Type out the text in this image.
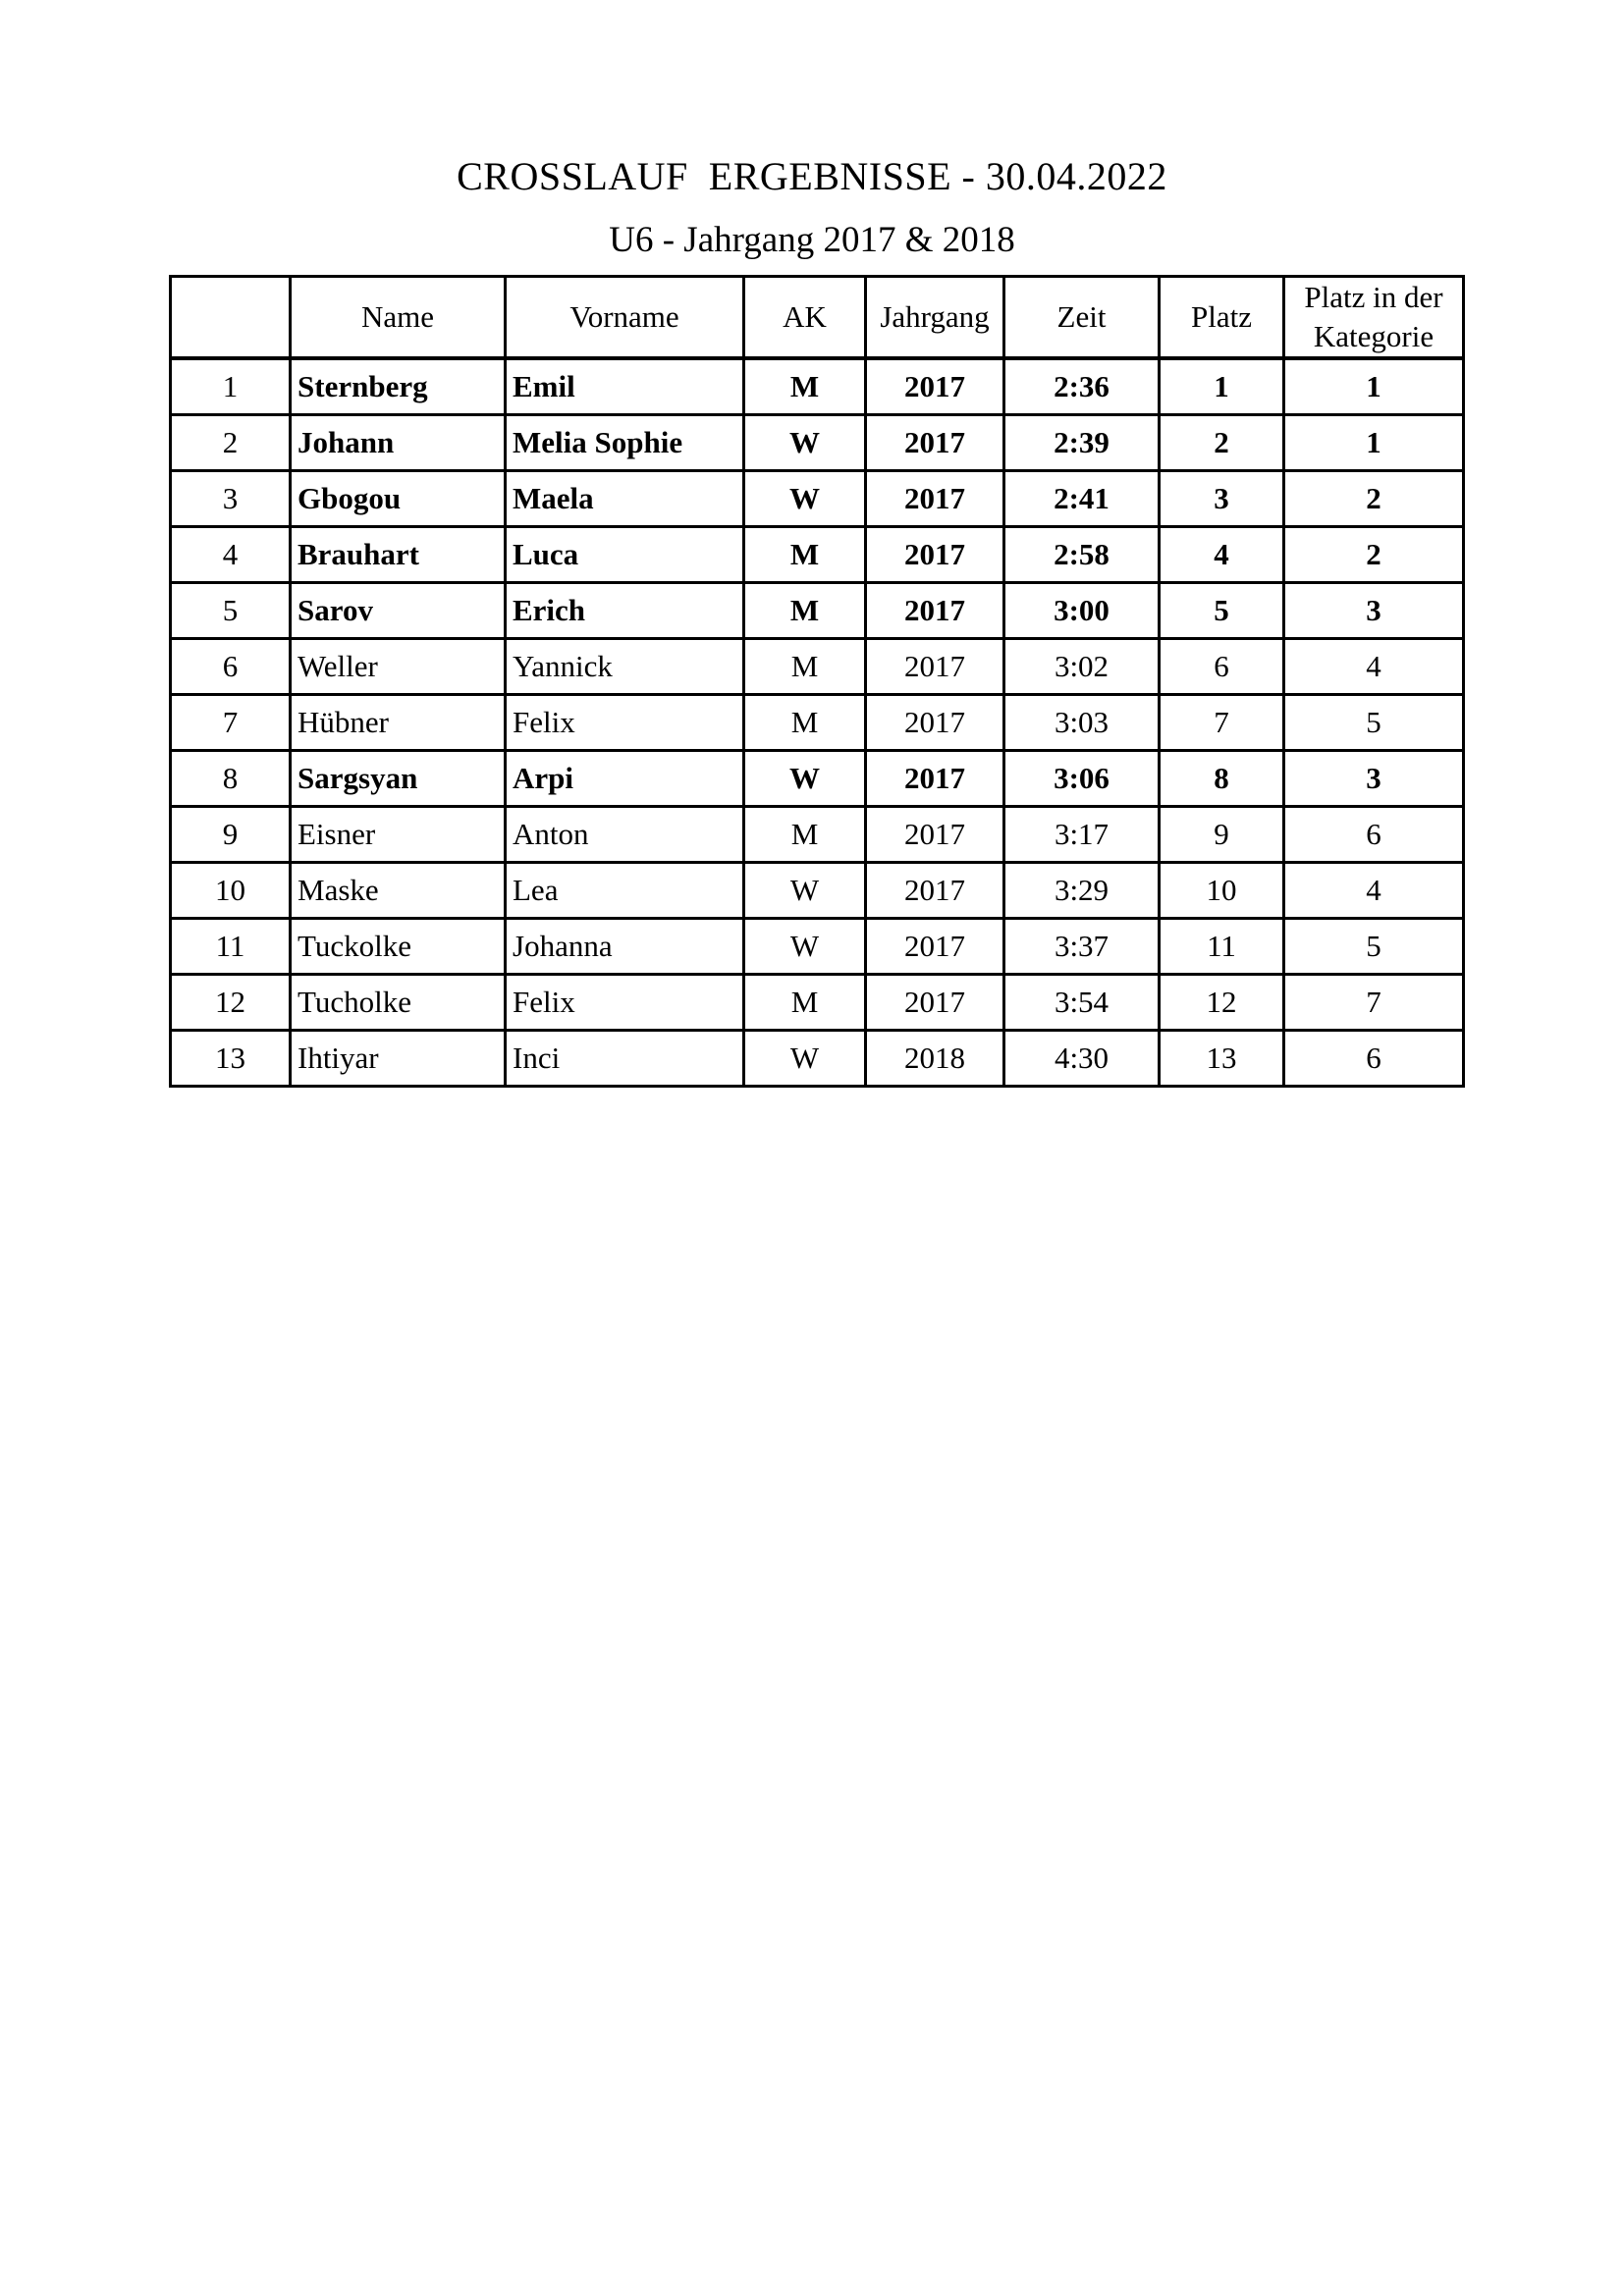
CROSSLAUF  ERGEBNISSE - 30.04.2022
U6 - Jahrgang 2017 & 2018
	Name	Vorname	AK	Jahrgang	Zeit	Platz	Platz in der Kategorie
1	Sternberg	Emil	M	2017	2:36	1	1
2	Johann	Melia Sophie	W	2017	2:39	2	1
3	Gbogou	Maela	W	2017	2:41	3	2
4	Brauhart	Luca	M	2017	2:58	4	2
5	Sarov	Erich	M	2017	3:00	5	3
6	Weller	Yannick	M	2017	3:02	6	4
7	Hübner	Felix	M	2017	3:03	7	5
8	Sargsyan	Arpi	W	2017	3:06	8	3
9	Eisner	Anton	M	2017	3:17	9	6
10	Maske	Lea	W	2017	3:29	10	4
11	Tuckolke	Johanna	W	2017	3:37	11	5
12	Tucholke	Felix	M	2017	3:54	12	7
13	Ihtiyar	Inci	W	2018	4:30	13	6
